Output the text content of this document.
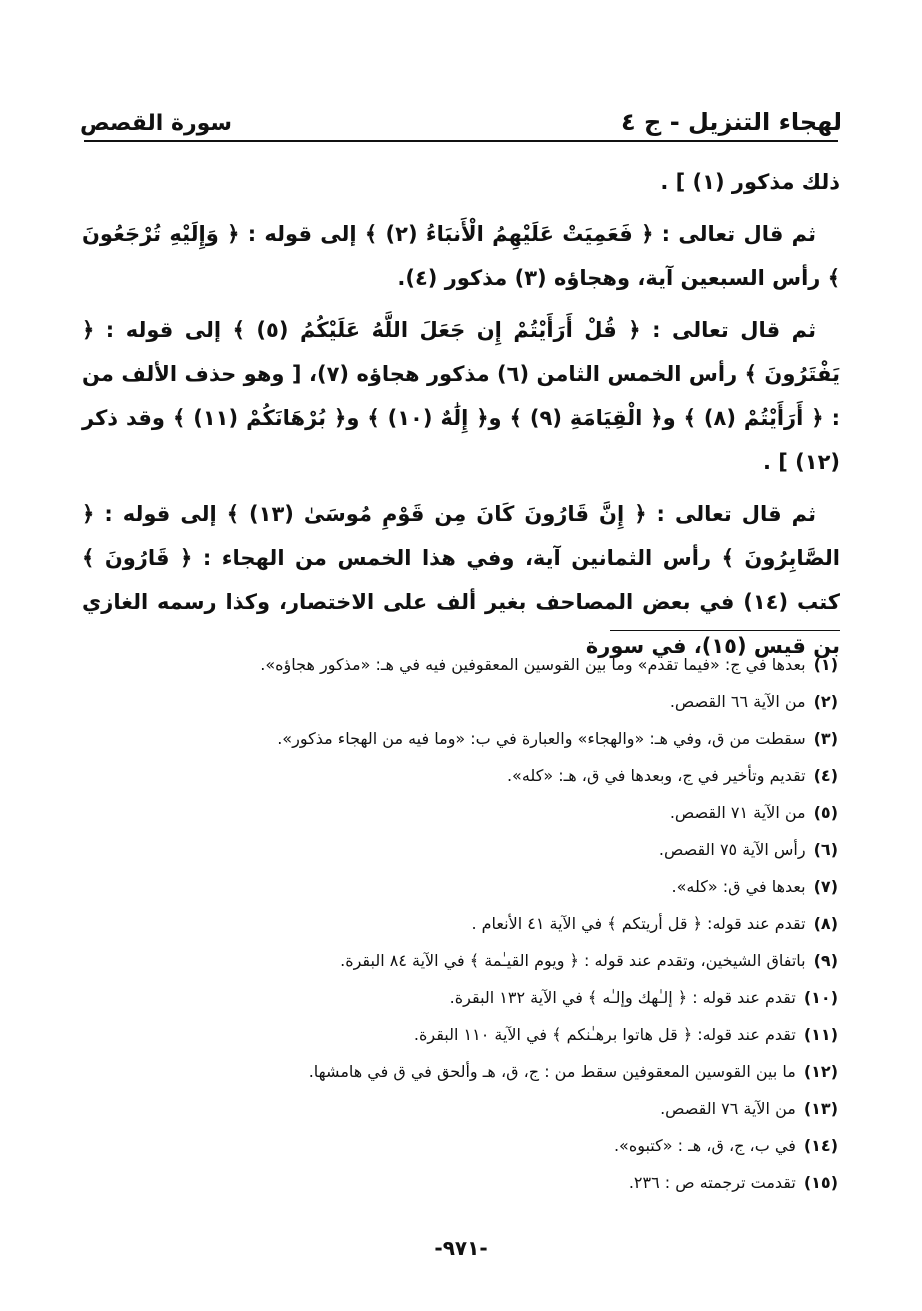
لهجاء التنزيل - ج ٤
سورة القصص

ذلك مذكور (١) ] .

ثم قال تعالى : ﴿ فَعَمِيَتْ عَلَيْهِمُ الْأَنبَاءُ (٢) ﴾ إلى قوله : ﴿ وَإِلَيْهِ تُرْجَعُونَ ﴾ رأس السبعين آية، وهجاؤه (٣) مذكور (٤).

ثم قال تعالى : ﴿ قُلْ أَرَأَيْتُمْ إِن جَعَلَ اللَّهُ عَلَيْكُمُ (٥) ﴾ إلى قوله : ﴿ يَفْتَرُونَ ﴾ رأس الخمس الثامن (٦) مذكور هجاؤه (٧)، [ وهو حذف الألف من : ﴿ أَرَأَيْتُمْ (٨) ﴾ و﴿ الْقِيَامَةِ (٩) ﴾ و﴿ إِلَٰهٌ (١٠) ﴾ و﴿ بُرْهَانَكُمْ (١١) ﴾ وقد ذكر (١٢) ] .

ثم قال تعالى : ﴿ إِنَّ قَارُونَ كَانَ مِن قَوْمِ مُوسَىٰ (١٣) ﴾ إلى قوله : ﴿ الصَّابِرُونَ ﴾ رأس الثمانين آية، وفي هذا الخمس من الهجاء : ﴿ قَارُونَ ﴾ كتب (١٤) في بعض المصاحف بغير ألف على الاختصار، وكذا رسمه الغازي بن قيس (١٥)، في سورة

(١)بعدها في ج: «فيما تقدم» وما بين القوسين المعقوفين فيه في هـ: «مذكور هجاؤه».
(٢)من الآية ٦٦ القصص.
(٣)سقطت من ق، وفي هـ: «والهجاء» والعبارة في ب: «وما فيه من الهجاء مذكور».
(٤)تقديم وتأخير في ج، وبعدها في ق، هـ: «كله».
(٥)من الآية ٧١ القصص.
(٦)رأس الآية ٧٥ القصص.
(٧)بعدها في ق: «كله».
(٨)تقدم عند قوله: ﴿ قل أريتكم ﴾ في الآية ٤١ الأنعام .
(٩)باتفاق الشيخين، وتقدم عند قوله : ﴿ ويوم القيـٰمة ﴾ في الآية ٨٤ البقرة.
(١٠)تقدم عند قوله : ﴿ إلـٰهك وإلـٰه ﴾ في الآية ١٣٢ البقرة.
(١١)تقدم عند قوله: ﴿ قل هاتوا برهـٰنكم ﴾ في الآية ١١٠ البقرة.
(١٢)ما بين القوسين المعقوفين سقط من : ج، ق، هـ وألحق في ق في هامشها.
(١٣)من الآية ٧٦ القصص.
(١٤)في ب، ج، ق، هـ : «كتبوه».
(١٥)تقدمت ترجمته ص : ٢٣٦.
-٩٧١-
